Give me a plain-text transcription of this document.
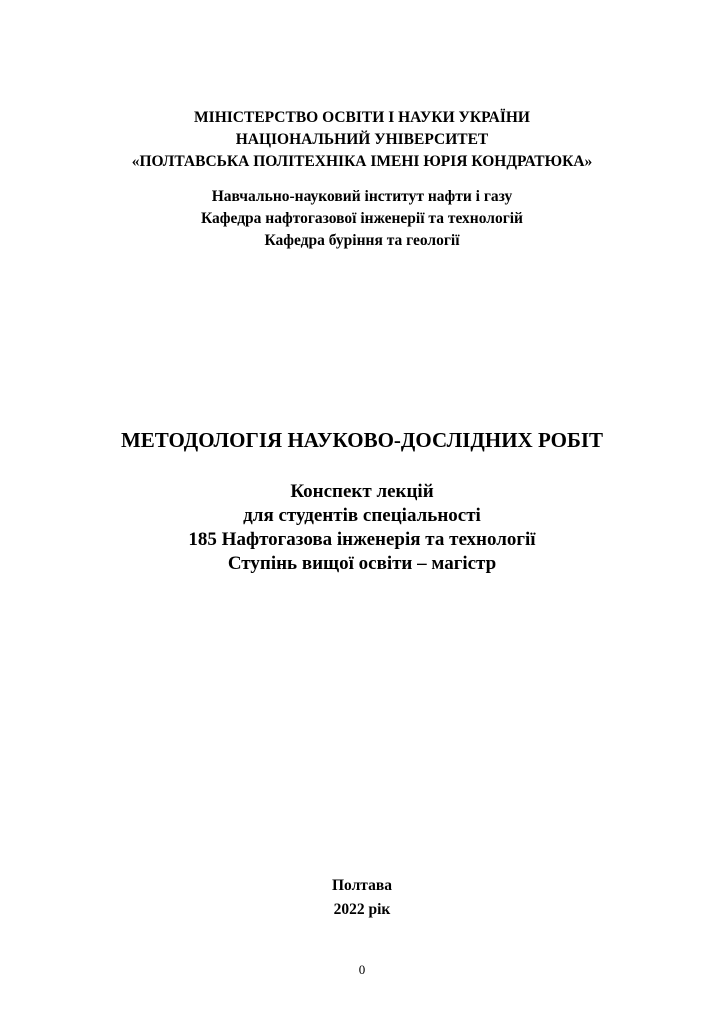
МІНІСТЕРСТВО ОСВІТИ І НАУКИ УКРАЇНИ
НАЦІОНАЛЬНИЙ УНІВЕРСИТЕТ
«ПОЛТАВСЬКА ПОЛІТЕХНІКА ІМЕНІ ЮРІЯ КОНДРАТЮКА»
Навчально-науковий інститут нафти і газу
Кафедра нафтогазової інженерії та технологій
Кафедра буріння та геології
МЕТОДОЛОГІЯ НАУКОВО-ДОСЛІДНИХ РОБІТ
Конспект лекцій
для студентів спеціальності
185 Нафтогазова інженерія та технології
Ступінь вищої освіти – магістр
Полтава
2022 рік
0
